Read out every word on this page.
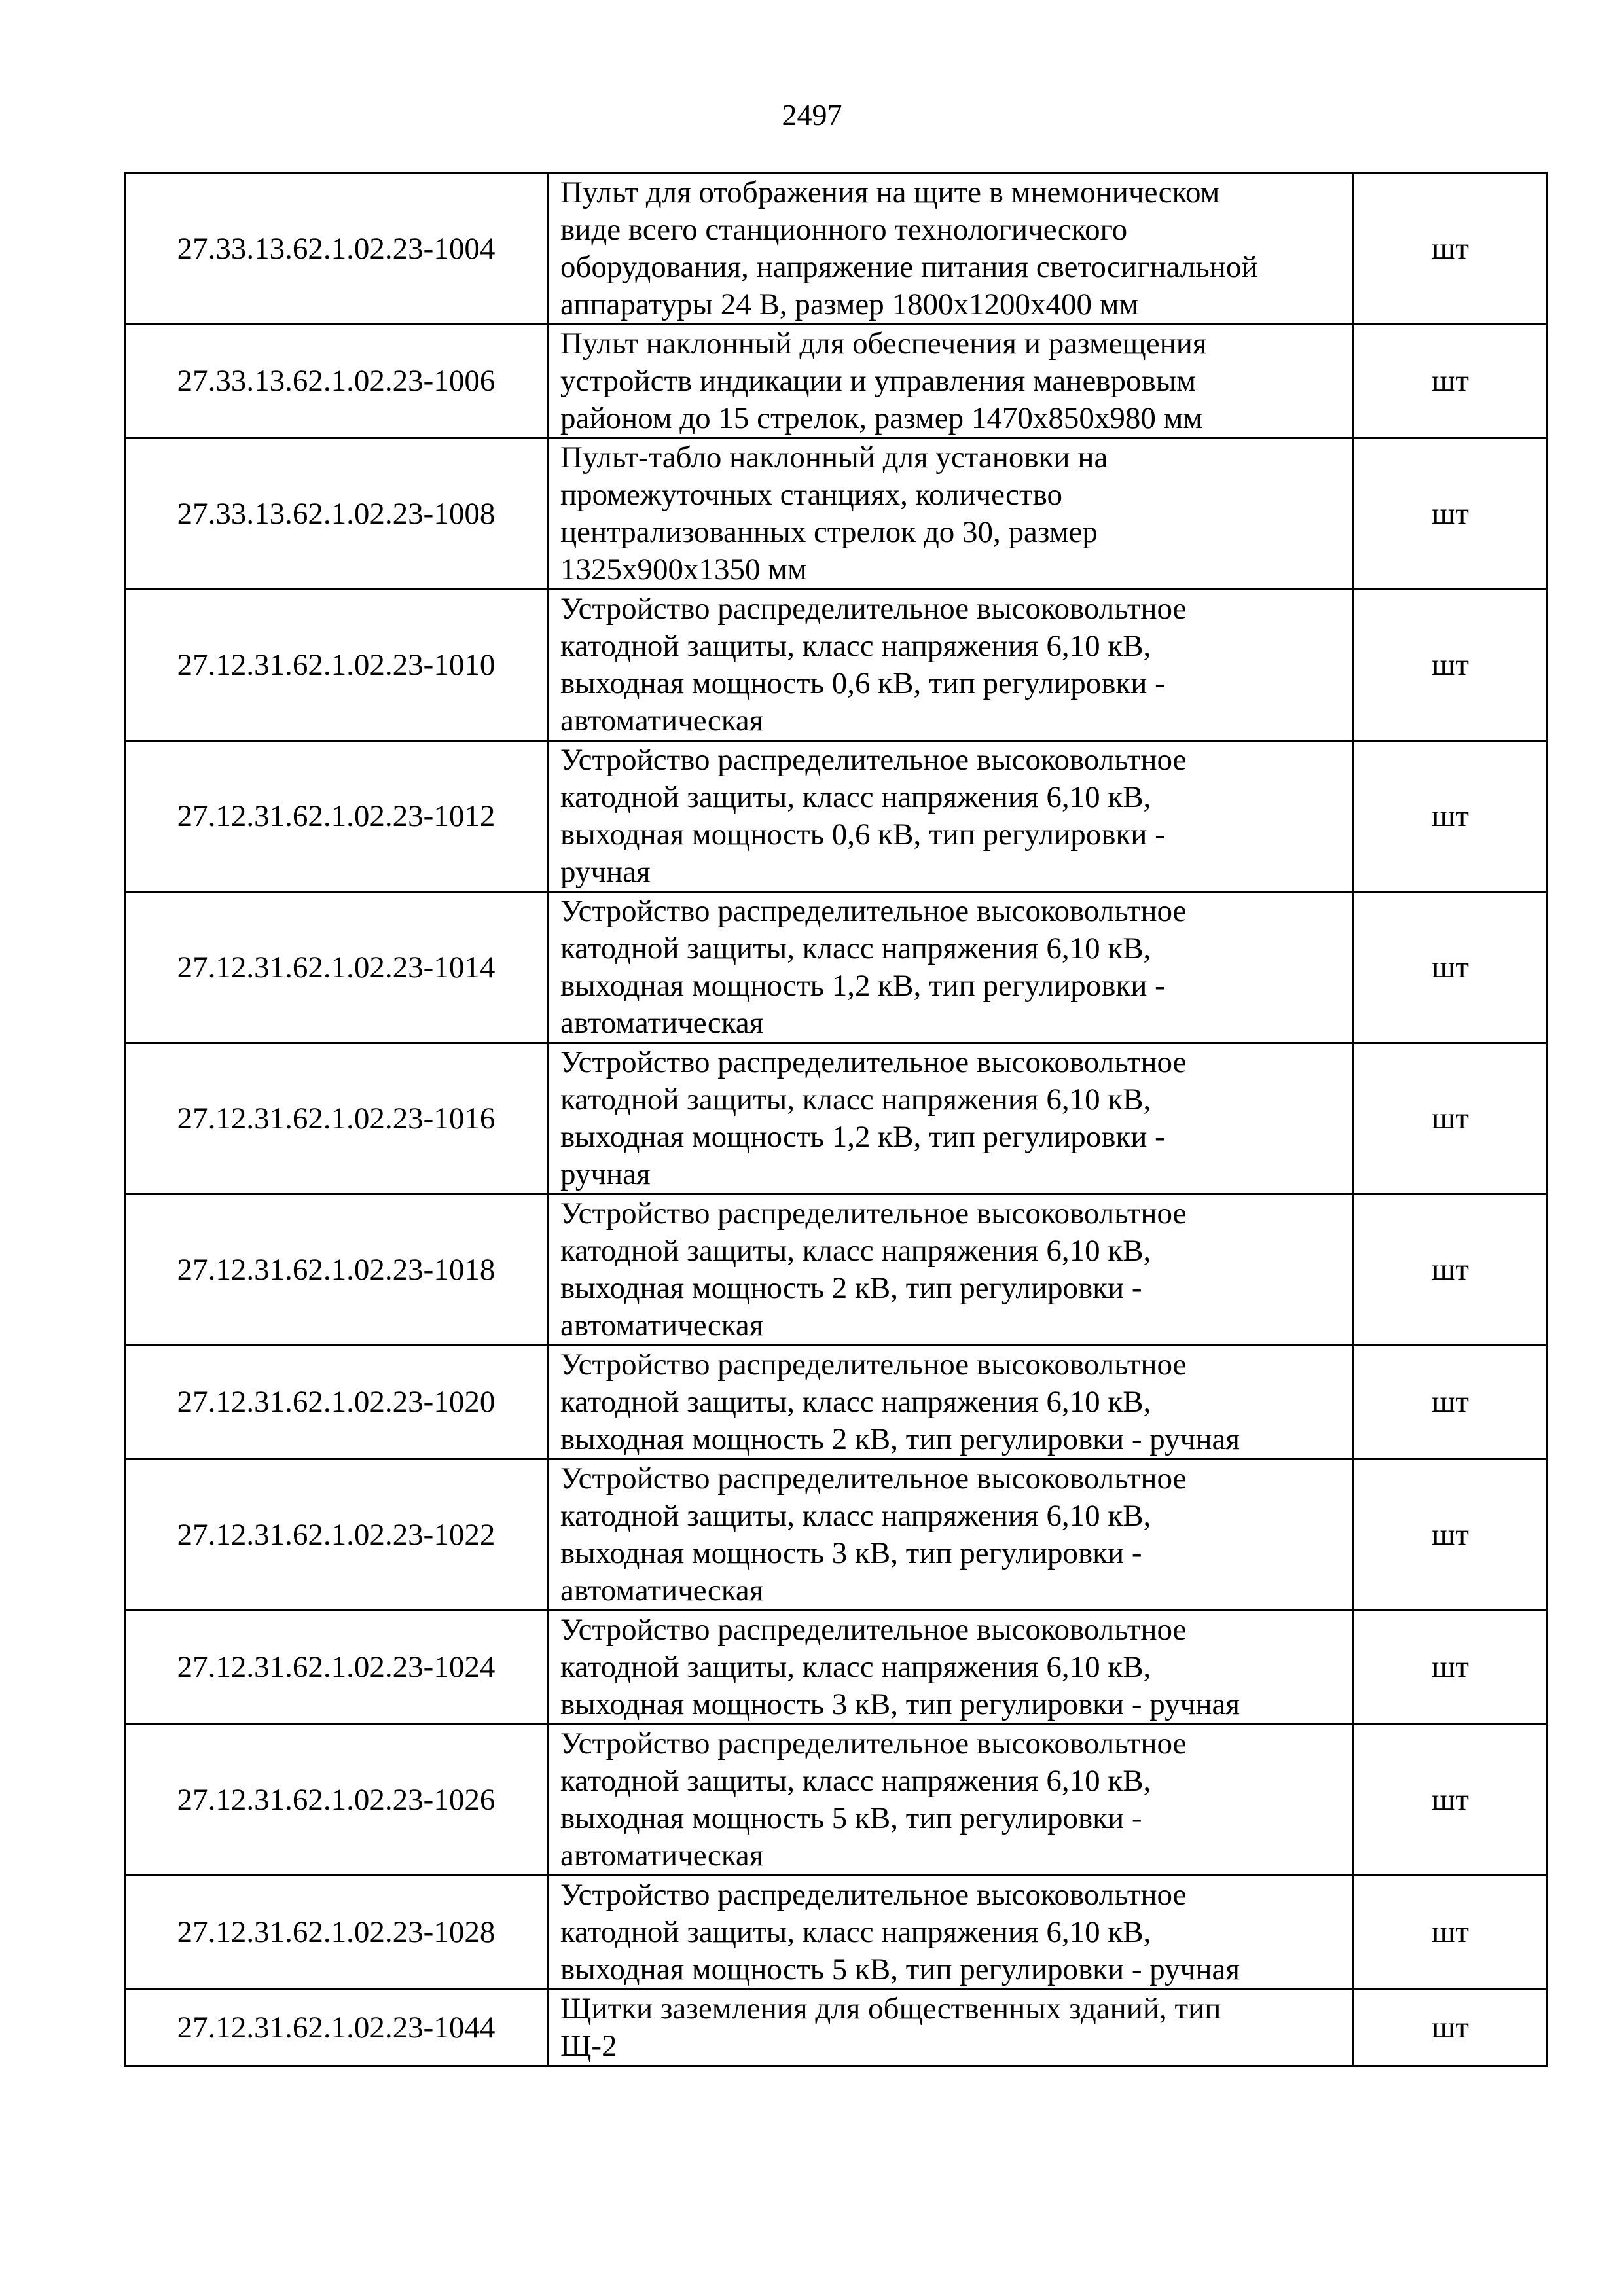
2497
27.33.13.62.1.02.23-1004	Пульт для отображения на щите в мнемоническом
виде всего станционного технологического
оборудования, напряжение питания светосигнальной
аппаратуры 24 В, размер 1800х1200х400 мм	шт
27.33.13.62.1.02.23-1006	Пульт наклонный для обеспечения и размещения
устройств индикации и управления маневровым
районом до 15 стрелок, размер 1470х850х980 мм	шт
27.33.13.62.1.02.23-1008	Пульт-табло наклонный для установки на
промежуточных станциях, количество
централизованных стрелок до 30, размер
1325х900х1350 мм	шт
27.12.31.62.1.02.23-1010	Устройство распределительное высоковольтное
катодной защиты, класс напряжения 6,10 кВ,
выходная мощность 0,6 кВ, тип регулировки -
автоматическая	шт
27.12.31.62.1.02.23-1012	Устройство распределительное высоковольтное
катодной защиты, класс напряжения 6,10 кВ,
выходная мощность 0,6 кВ, тип регулировки -
ручная	шт
27.12.31.62.1.02.23-1014	Устройство распределительное высоковольтное
катодной защиты, класс напряжения 6,10 кВ,
выходная мощность 1,2 кВ, тип регулировки -
автоматическая	шт
27.12.31.62.1.02.23-1016	Устройство распределительное высоковольтное
катодной защиты, класс напряжения 6,10 кВ,
выходная мощность 1,2 кВ, тип регулировки -
ручная	шт
27.12.31.62.1.02.23-1018	Устройство распределительное высоковольтное
катодной защиты, класс напряжения 6,10 кВ,
выходная мощность 2 кВ, тип регулировки -
автоматическая	шт
27.12.31.62.1.02.23-1020	Устройство распределительное высоковольтное
катодной защиты, класс напряжения 6,10 кВ,
выходная мощность 2 кВ, тип регулировки - ручная	шт
27.12.31.62.1.02.23-1022	Устройство распределительное высоковольтное
катодной защиты, класс напряжения 6,10 кВ,
выходная мощность 3 кВ, тип регулировки -
автоматическая	шт
27.12.31.62.1.02.23-1024	Устройство распределительное высоковольтное
катодной защиты, класс напряжения 6,10 кВ,
выходная мощность 3 кВ, тип регулировки - ручная	шт
27.12.31.62.1.02.23-1026	Устройство распределительное высоковольтное
катодной защиты, класс напряжения 6,10 кВ,
выходная мощность 5 кВ, тип регулировки -
автоматическая	шт
27.12.31.62.1.02.23-1028	Устройство распределительное высоковольтное
катодной защиты, класс напряжения 6,10 кВ,
выходная мощность 5 кВ, тип регулировки - ручная	шт
27.12.31.62.1.02.23-1044	Щитки заземления для общественных зданий, тип
Щ-2	шт
